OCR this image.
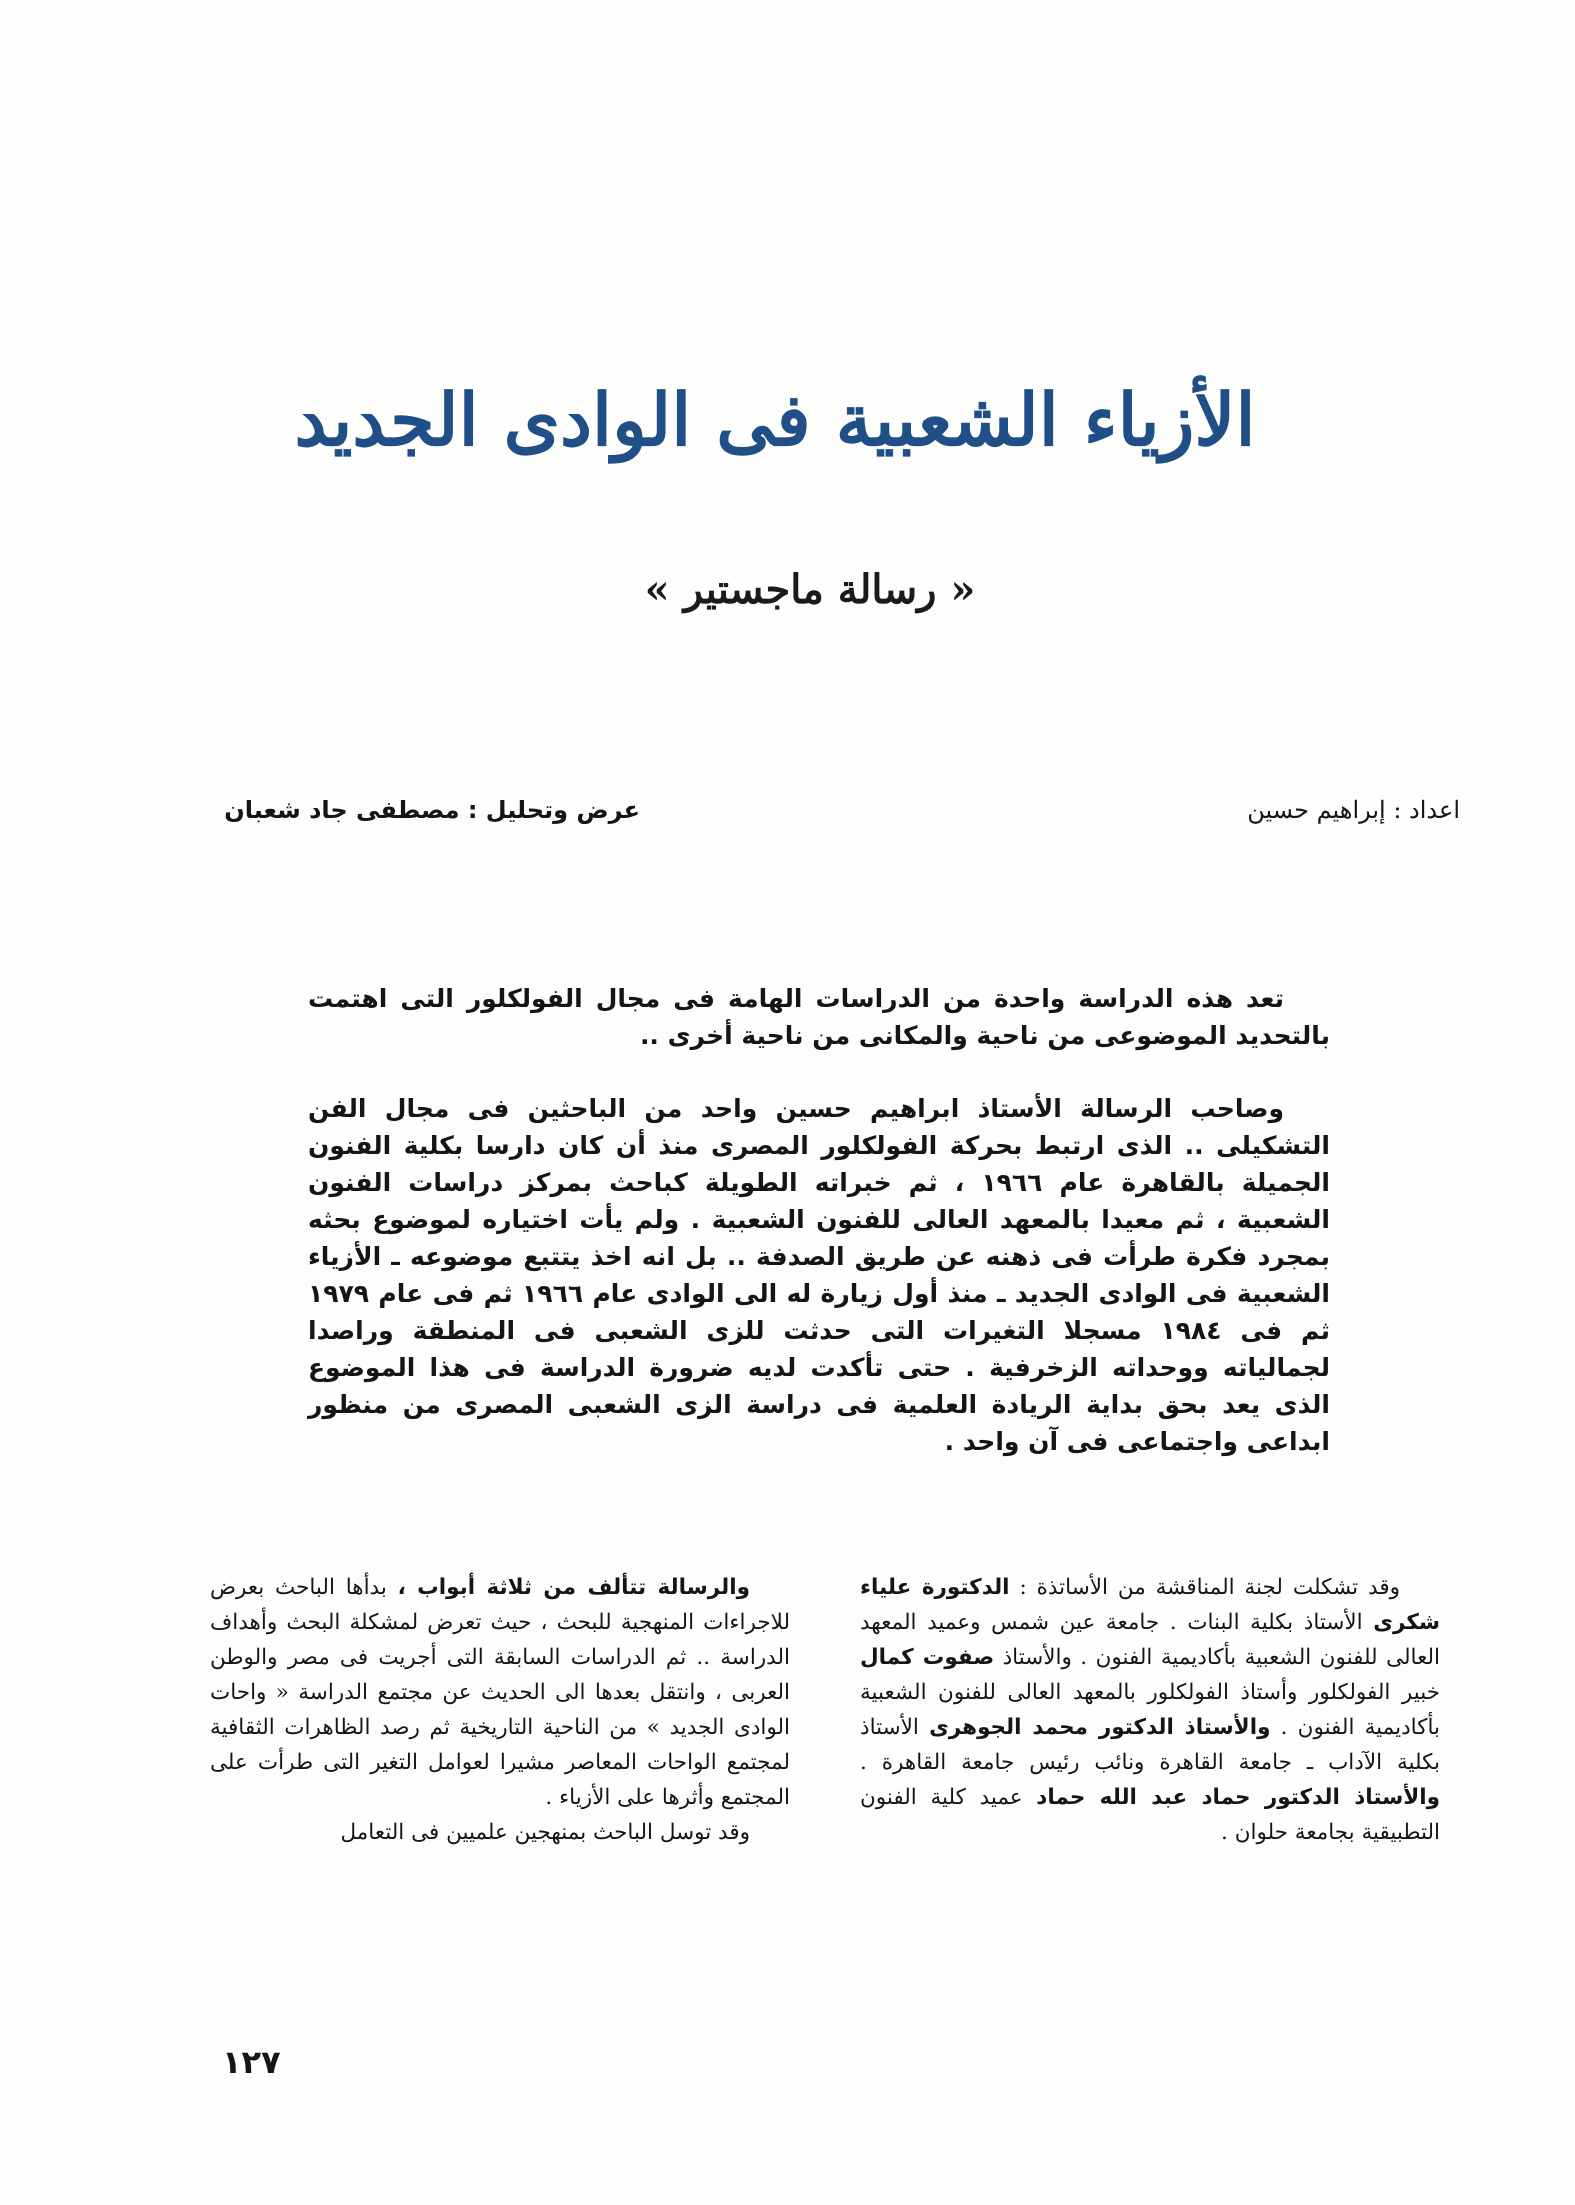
الأزياء الشعبية فى الوادى الجديد
« رسالة ماجستير »
اعداد : إبراهيم حسين
عرض وتحليل : مصطفى جاد شعبان

تعد هذه الدراسة واحدة من الدراسات الهامة فى مجال الفولكلور التى اهتمت بالتحديد الموضوعى من ناحية والمكانى من ناحية أخرى ..

وصاحب الرسالة الأستاذ ابراهيم حسين واحد من الباحثين فى مجال الفن التشكيلى .. الذى ارتبط بحركة الفولكلور المصرى منذ أن كان دارسا بكلية الفنون الجميلة بالقاهرة عام ١٩٦٦ ، ثم خبراته الطويلة كباحث بمركز دراسات الفنون الشعبية ، ثم معيدا بالمعهد العالى للفنون الشعبية . ولم يأت اختياره لموضوع بحثه بمجرد فكرة طرأت فى ذهنه عن طريق الصدفة .. بل انه اخذ يتتبع موضوعه ـ الأزياء الشعبية فى الوادى الجديد ـ منذ أول زيارة له الى الوادى عام ١٩٦٦ ثم فى عام ١٩٧٩ ثم فى ١٩٨٤ مسجلا التغيرات التى حدثت للزى الشعبى فى المنطقة وراصدا لجمالياته ووحداته الزخرفية . حتى تأكدت لديه ضرورة الدراسة فى هذا الموضوع الذى يعد بحق بداية الريادة العلمية فى دراسة الزى الشعبى المصرى من منظور ابداعى واجتماعى فى آن واحد .

وقد تشكلت لجنة المناقشة من الأساتذة : الدكتورة علياء شكرى الأستاذ بكلية البنات . جامعة عين شمس وعميد المعهد العالى للفنون الشعبية بأكاديمية الفنون . والأستاذ صفوت كمال خبير الفولكلور وأستاذ الفولكلور بالمعهد العالى للفنون الشعبية بأكاديمية الفنون . والأستاذ الدكتور محمد الجوهرى الأستاذ بكلية الآداب ـ جامعة القاهرة ونائب رئيس جامعة القاهرة . والأستاذ الدكتور حماد عبد الله حماد عميد كلية الفنون التطبيقية بجامعة حلوان .

والرسالة تتألف من ثلاثة أبواب ، بدأها الباحث بعرض للاجراءات المنهجية للبحث ، حيث تعرض لمشكلة البحث وأهداف الدراسة .. ثم الدراسات السابقة التى أجريت فى مصر والوطن العربى ، وانتقل بعدها الى الحديث عن مجتمع الدراسة « واحات الوادى الجديد » من الناحية التاريخية ثم رصد الظاهرات الثقافية لمجتمع الواحات المعاصر مشيرا لعوامل التغير التى طرأت على المجتمع وأثرها على الأزياء .

وقد توسل الباحث بمنهجين علميين فى التعامل

١٢٧
